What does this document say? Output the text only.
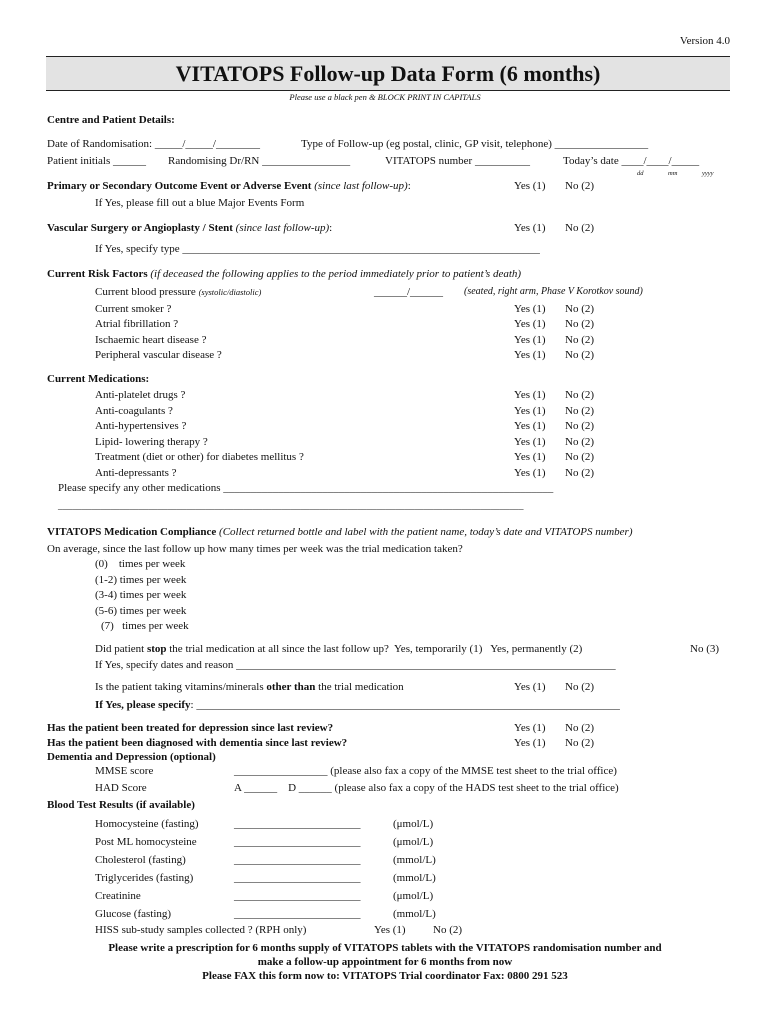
Version 4.0
VITATOPS Follow-up Data Form (6 months)
Please use a black pen & BLOCK PRINT IN CAPITALS
Centre and Patient Details:
Date of Randomisation: _____/_____/________	Type of Follow-up (eg postal, clinic, GP visit, telephone) _________________
Patient initials ______ Randomising Dr/RN ________________	VITATOPS number __________	Today’s date ____/____/_____
dd	mm	yyyy
Primary or Secondary Outcome Event or Adverse Event (since last follow-up):	Yes (1) No (2)
If Yes, please fill out a blue Major Events Form
Vascular Surgery or Angioplasty / Stent (since last follow-up):	Yes (1) No (2)
If Yes, specify type _________________________________________________________________
Current Risk Factors (if deceased the following applies to the period immediately prior to patient’s death)
Current blood pressure (systolic/diastolic)	______/______ (seated, right arm, Phase V Korotkov sound)
Current smoker ?	Yes (1) No (2)
Atrial fibrillation ?	Yes (1) No (2)
Ischaemic heart disease ?	Yes (1) No (2)
Peripheral vascular disease ?	Yes (1) No (2)
Current Medications:
Anti-platelet drugs ?	Yes (1) No (2)
Anti-coagulants ?	Yes (1) No (2)
Anti-hypertensives ?	Yes (1) No (2)
Lipid- lowering therapy ?	Yes (1) No (2)
Treatment (diet or other) for diabetes mellitus ?	Yes (1) No (2)
Anti-depressants ?	Yes (1) No (2)
Please specify any other medications ____________________________________________________________
__________________________________________________________________________________________________
VITATOPS Medication Compliance (Collect returned bottle and label with the patient name, today’s date and VITATOPS number)
On average, since the last follow up how many times per week was the trial medication taken?
(0)    times per week
(1-2) times per week
(3-4) times per week
(5-6) times per week
(7)   times per week
Did patient stop the trial medication at all since the last follow up?  Yes, temporarily (1)   Yes, permanently (2)	No (3)
If Yes, specify dates and reason _____________________________________________________________________
Is the patient taking vitamins/minerals other than the trial medication	Yes (1) No (2)
If Yes, please specify: _____________________________________________________________________________
Has the patient been treated for depression since last review?	Yes (1) No (2)
Has the patient been diagnosed with dementia since last review?	Yes (1) No (2)
Dementia and Depression (optional)
MMSE score	_________________ (please also fax a copy of the MMSE test sheet to the trial office)
HAD Score	A ______    D ______ (please also fax a copy of the HADS test sheet to the trial office)
Blood Test Results (if available)
Homocysteine (fasting)	_______________________	(μmol/L)
Post ML homocysteine	_______________________	(μmol/L)
Cholesterol (fasting)	_______________________	(mmol/L)
Triglycerides (fasting)	_______________________	(mmol/L)
Creatinine	_______________________	(μmol/L)
Glucose (fasting)	_______________________	(mmol/L)
HISS sub-study samples collected ? (RPH only)	Yes (1) No (2)
Please write a prescription for 6 months supply of VITATOPS tablets with the VITATOPS randomisation number and
make a follow-up appointment for 6 months from now
Please FAX this form now to: VITATOPS Trial coordinator Fax: 0800 291 523
